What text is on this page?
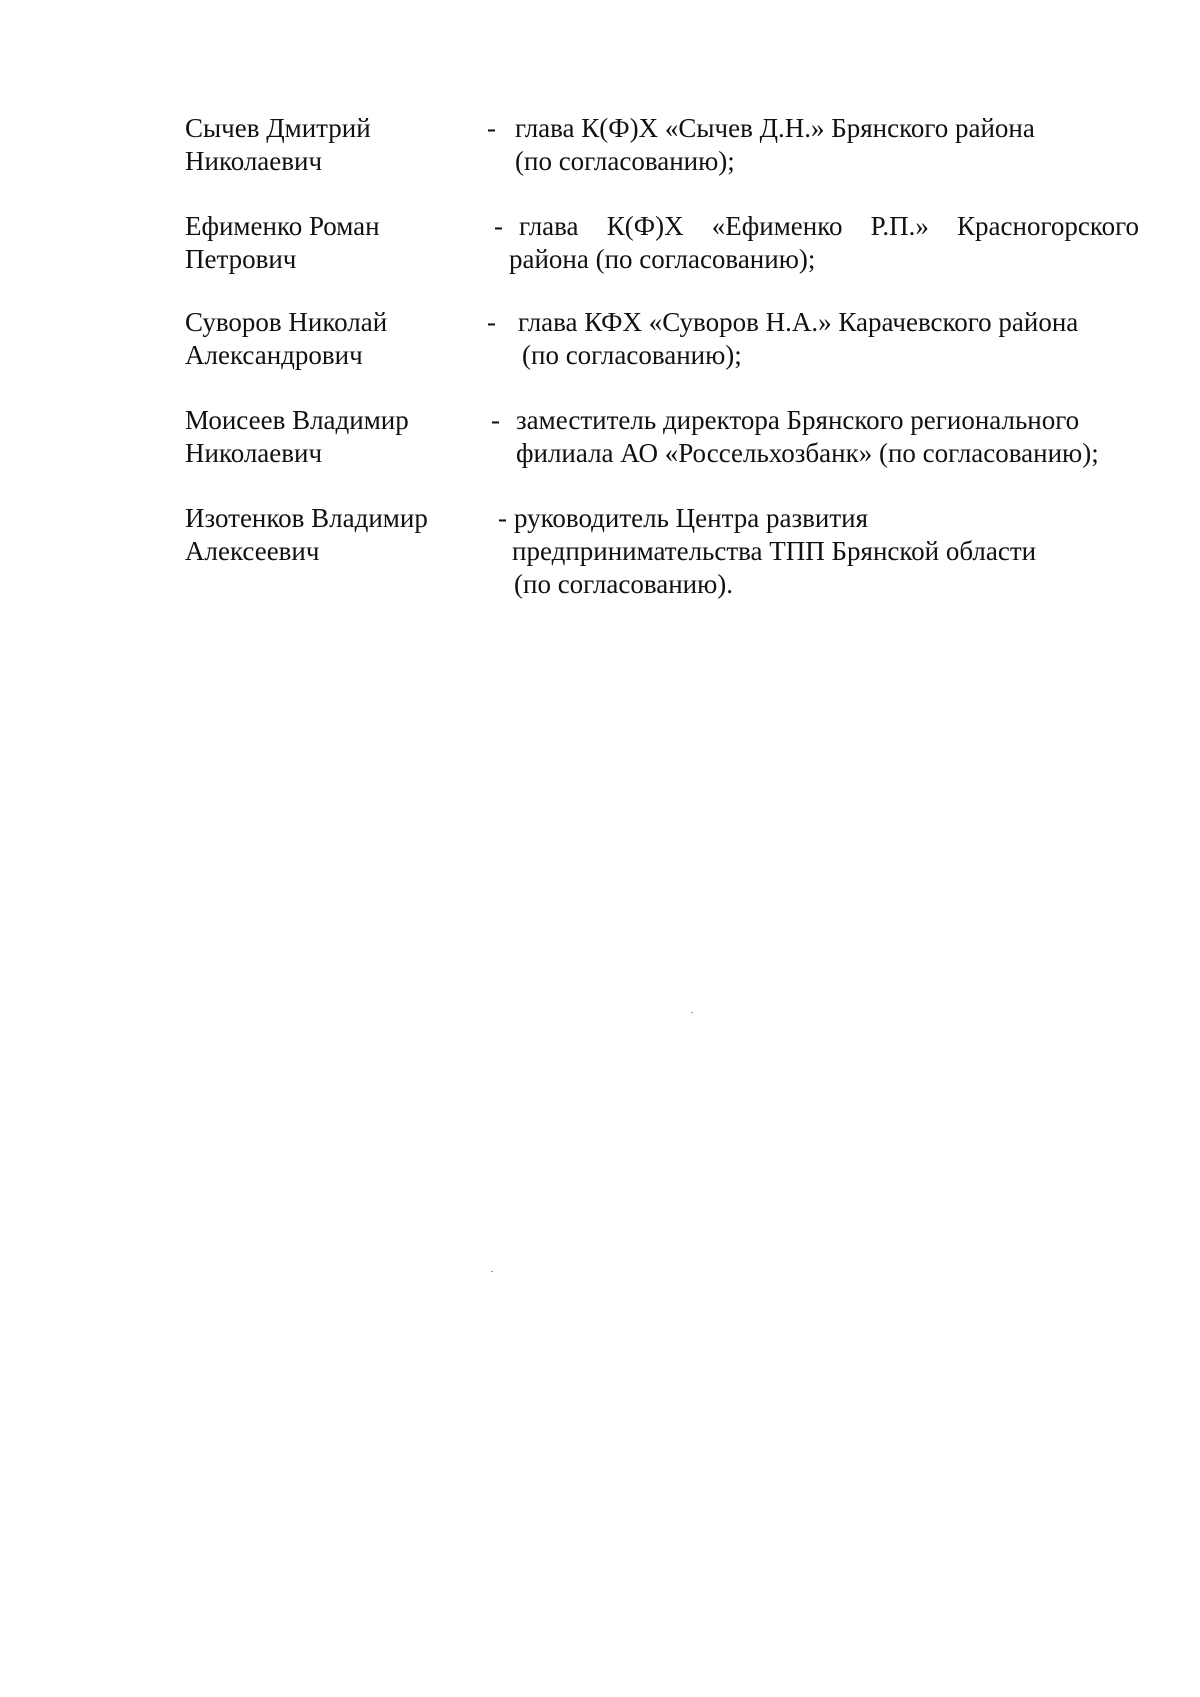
Сычев Дмитрий
Николаевич
- глава К(Ф)Х «Сычев Д.Н.» Брянского района
(по согласованию);
Ефименко Роман
Петрович
- глава К(Ф)Х «Ефименко Р.П.» Красногорского
района (по согласованию);
Суворов Николай
Александрович
- глава КФХ «Суворов Н.А.» Карачевского района
(по согласованию);
Моисеев Владимир
Николаевич
- заместитель директора Брянского регионального
филиала АО «Россельхозбанк» (по согласованию);
Изотенков Владимир
Алексеевич
- руководитель Центра развития
предпринимательства ТПП Брянской области
(по согласованию).
